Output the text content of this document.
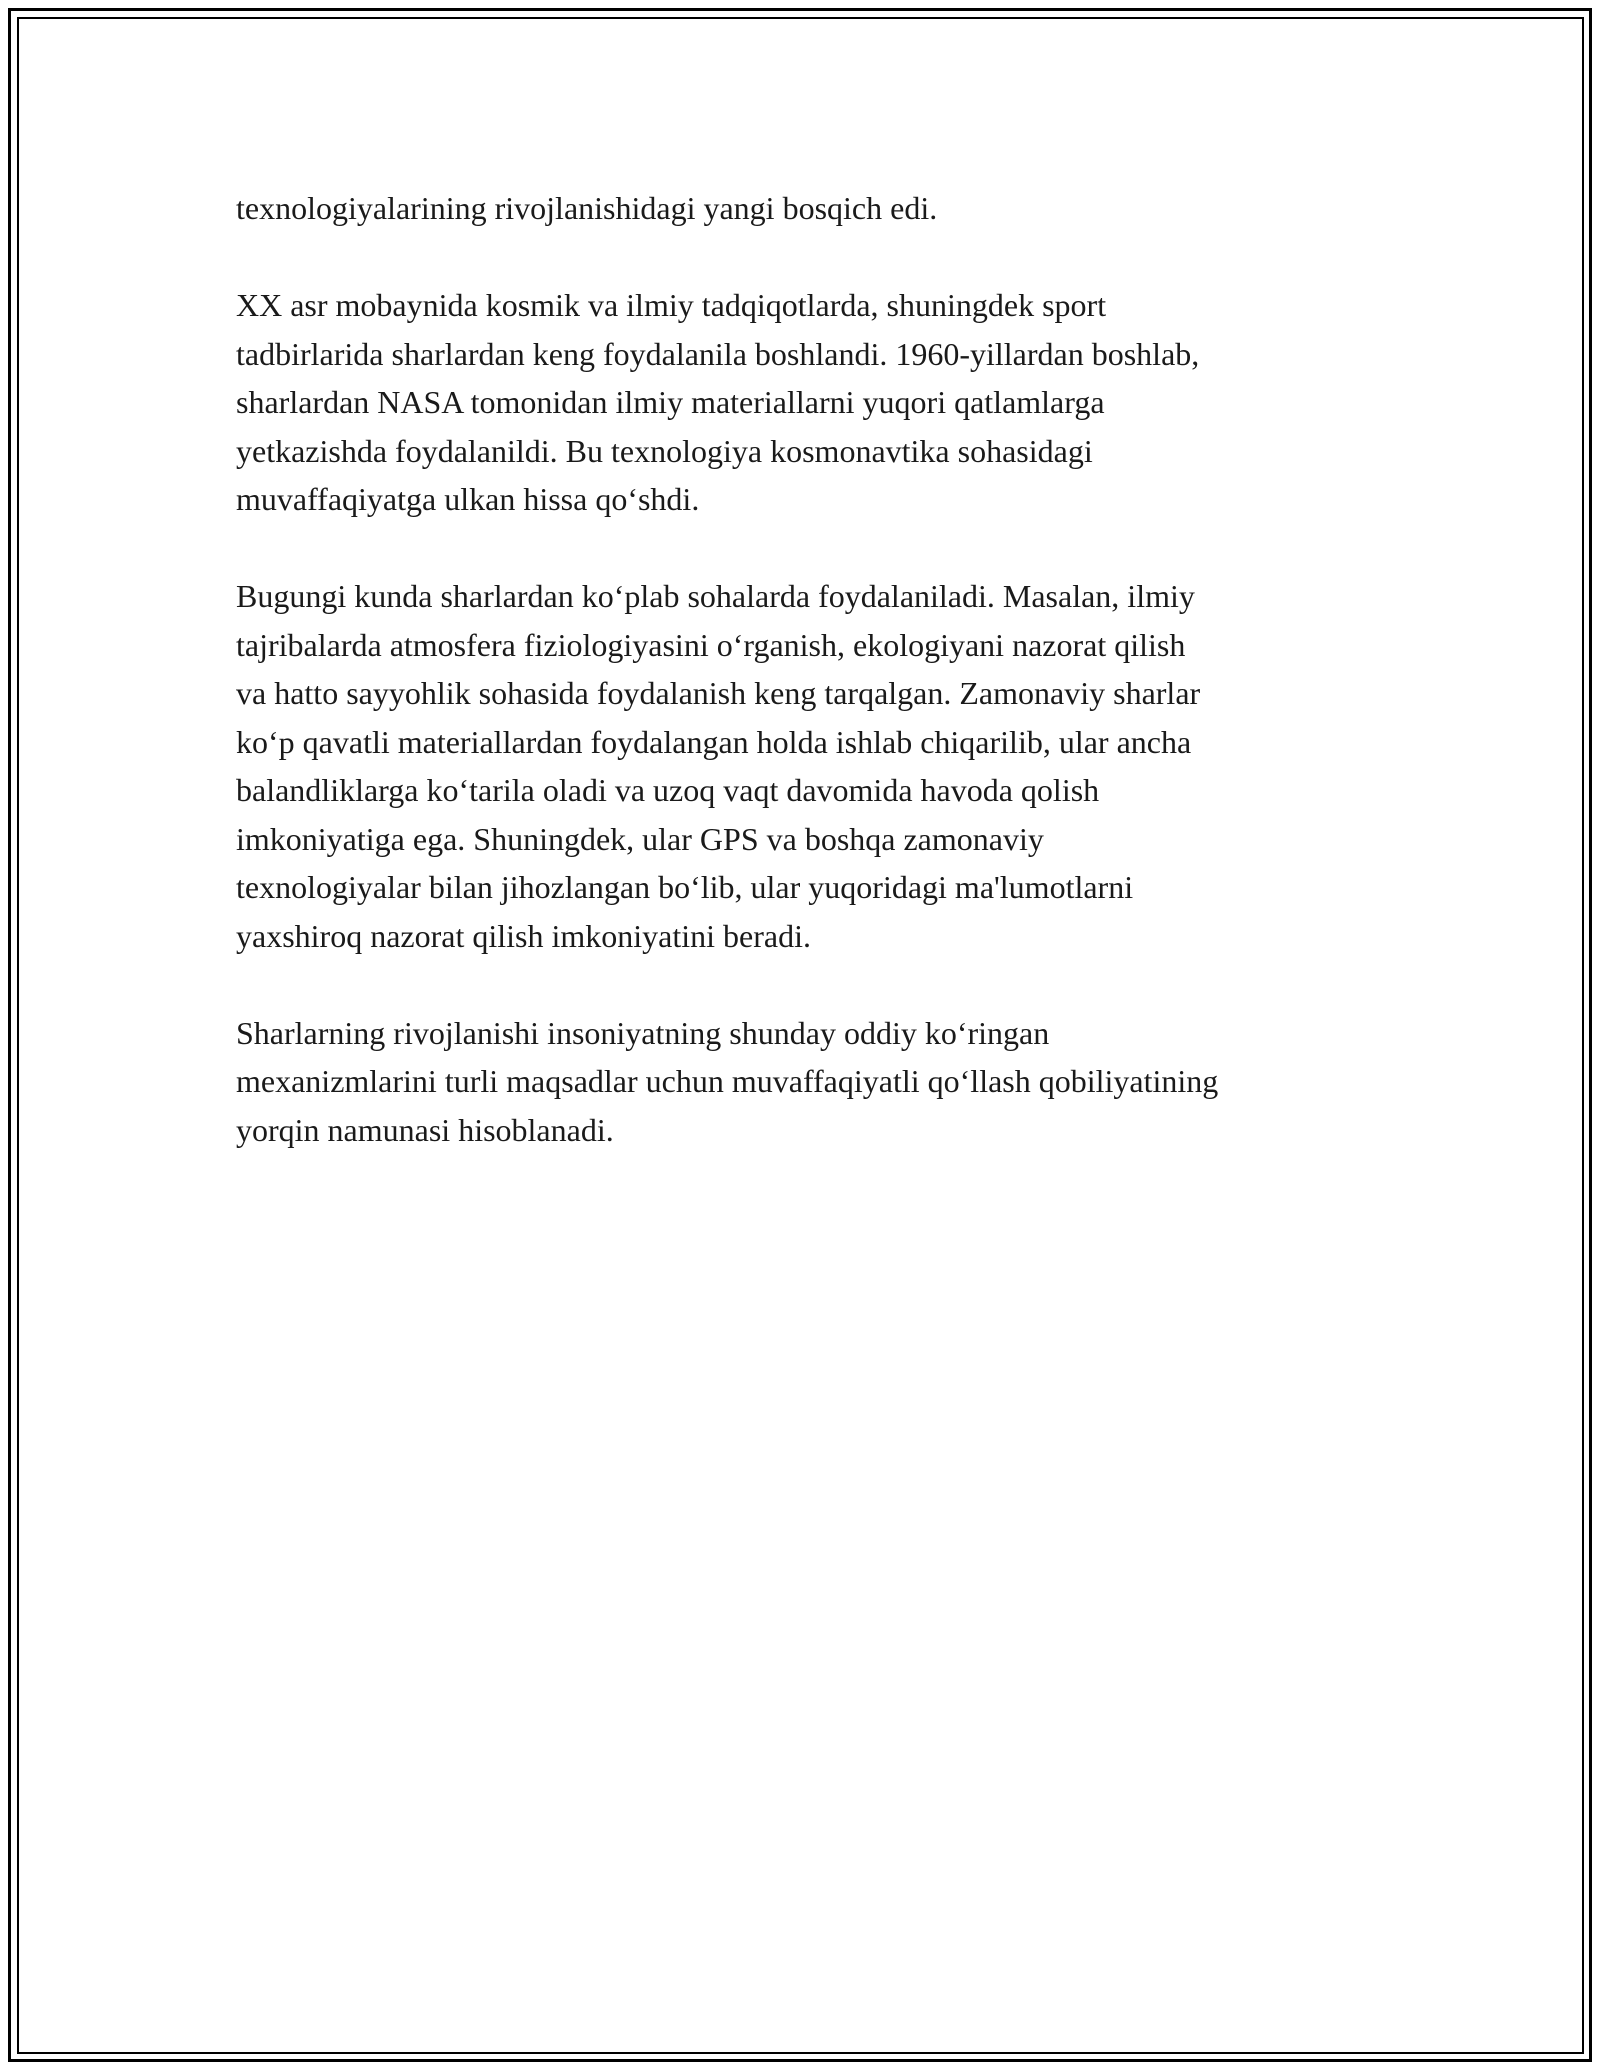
texnologiyalarining rivojlanishidagi yangi bosqich edi.

XX asr mobaynida kosmik va ilmiy tadqiqotlarda, shuningdek sport
tadbirlarida sharlardan keng foydalanila boshlandi. 1960-yillardan boshlab,
sharlardan NASA tomonidan ilmiy materiallarni yuqori qatlamlarga
yetkazishda foydalanildi. Bu texnologiya kosmonavtika sohasidagi
muvaffaqiyatga ulkan hissa qo‘shdi.

Bugungi kunda sharlardan ko‘plab sohalarda foydalaniladi. Masalan, ilmiy
tajribalarda atmosfera fiziologiyasini o‘rganish, ekologiyani nazorat qilish
va hatto sayyohlik sohasida foydalanish keng tarqalgan. Zamonaviy sharlar
ko‘p qavatli materiallardan foydalangan holda ishlab chiqarilib, ular ancha
balandliklarga ko‘tarila oladi va uzoq vaqt davomida havoda qolish
imkoniyatiga ega. Shuningdek, ular GPS va boshqa zamonaviy
texnologiyalar bilan jihozlangan bo‘lib, ular yuqoridagi ma'lumotlarni
yaxshiroq nazorat qilish imkoniyatini beradi.

Sharlarning rivojlanishi insoniyatning shunday oddiy ko‘ringan
mexanizmlarini turli maqsadlar uchun muvaffaqiyatli qo‘llash qobiliyatining
yorqin namunasi hisoblanadi.
